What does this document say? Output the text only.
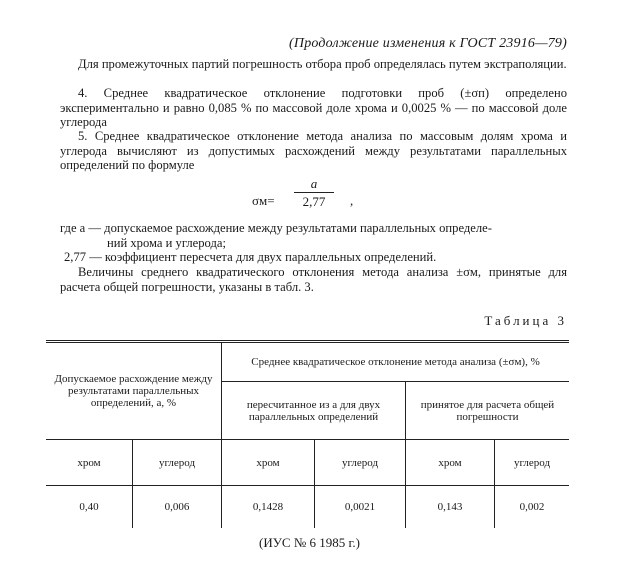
(Продолжение изменения к ГОСТ 23916—79)
Для промежуточных партий погрешность отбора проб определялась путем экстраполяции.
4. Среднее квадратическое отклонение подготовки проб (±σп) определено экспериментально и равно 0,085 % по массовой доле хрома и 0,0025 % — по массовой доле углерода
5. Среднее квадратическое отклонение метода анализа по массовым долям хрома и углерода вычисляют из допустимых расхождений между результатами параллельных определений по формуле
σм=
a
2,77	,
где a — допускаемое расхождение между результатами параллельных определе-
ний хрома и углерода;
2,77 — коэффициент пересчета для двух параллельных определений.
Величины среднего квадратического отклонения метода анализа ±σм, принятые для расчета общей погрешности, указаны в табл. 3.
Таблица 3
Допускаемое расхождение между результатами параллельных определений, a, %		Среднее квадратическое отклонение метода анализа (±σм), %			
		пересчитанное из a для двух параллельных определений		принятое для расчета общей погрешности	
хром	углерод	хром	углерод	хром	углерод
0,40	0,006	0,1428	0,0021	0,143	0,002
(ИУС № 6 1985 г.)
